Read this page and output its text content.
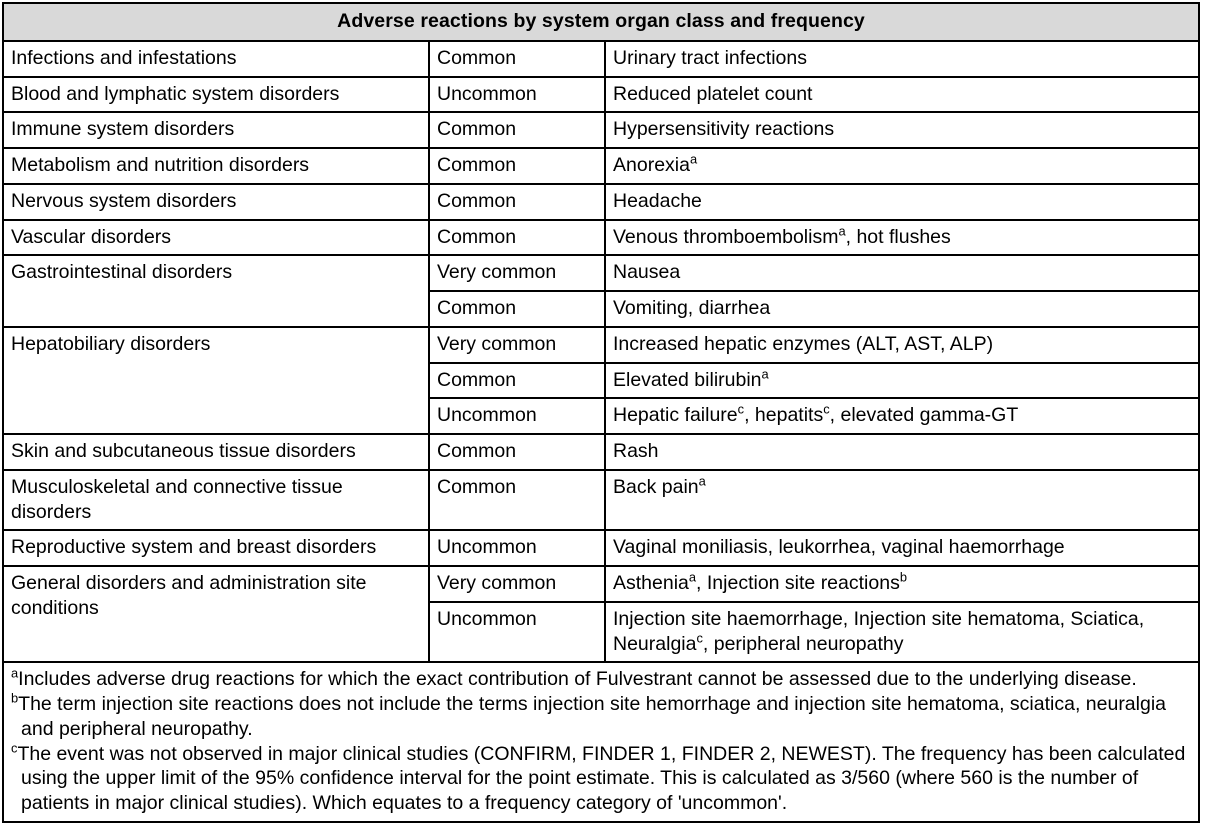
Adverse reactions by system organ class and frequency		
Infections and infestations	Common	Urinary tract infections
Blood and lymphatic system disorders	Uncommon	Reduced platelet count
Immune system disorders	Common	Hypersensitivity reactions
Metabolism and nutrition disorders	Common	Anorexia$^a$
Nervous system disorders	Common	Headache
Vascular disorders	Common	Venous thromboembolism$^a$, hot flushes
Gastrointestinal disorders	Very common	Nausea
	Common	Vomiting, diarrhea
Hepatobiliary disorders	Very common	Increased hepatic enzymes (ALT, AST, ALP)
	Common	Elevated bilirubin$^a$
	Uncommon	Hepatic failure$^c$, hepatits$^c$, elevated gamma-GT
Skin and subcutaneous tissue disorders	Common	Rash
Musculoskeletal and connective tissue disorders	Common	Back pain$^a$
Reproductive system and breast disorders	Uncommon	Vaginal moniliasis, leukorrhea, vaginal haemorrhage
General disorders and administration site conditions	Very common	Asthenia$^a$, Injection site reactions$^b$
	Uncommon	Injection site haemorrhage, Injection site hematoma, Sciatica, Neuralgia$^c$, peripheral neuropathy

$^a$Includes adverse drug reactions for which the exact contribution of Fulvestrant cannot be assessed due to the underlying disease.

$^b$The term injection site reactions does not include the terms injection site hemorrhage and injection site hematoma, sciatica, neuralgia and peripheral neuropathy.

$^c$The event was not observed in major clinical studies (CONFIRM, FINDER 1, FINDER 2, NEWEST). The frequency has been calculated using the upper limit of the 95% confidence interval for the point estimate. This is calculated as 3/560 (where 560 is the number of patients in major clinical studies). Which equates to a frequency category of 'uncommon'.		
